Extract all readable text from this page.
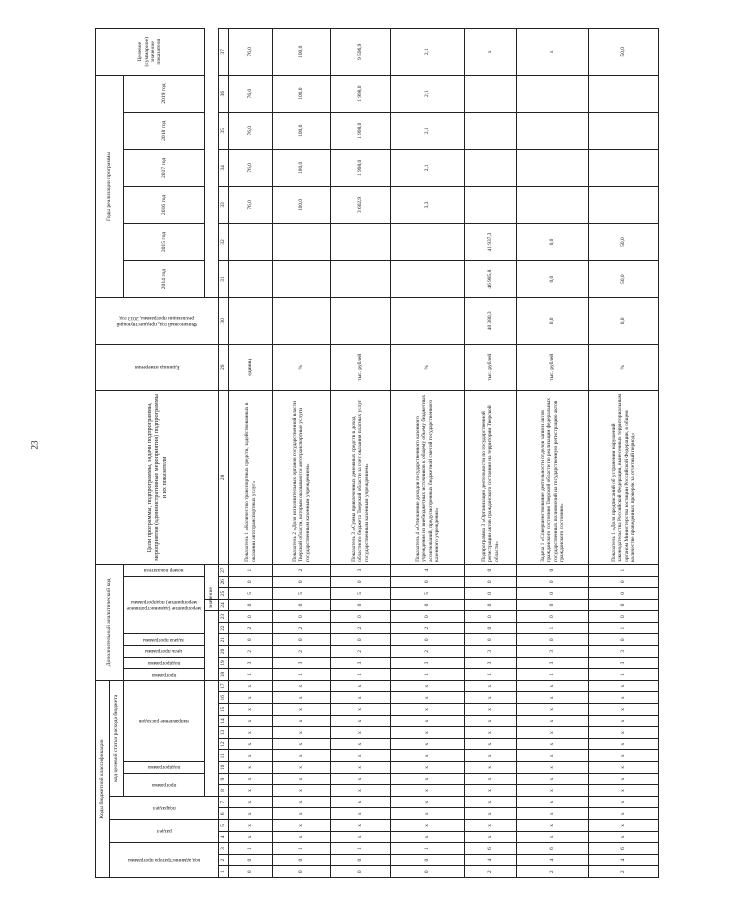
23
Коды бюджетной классификации																	Дополнительный аналитический код										Цели программы, подпрограммы, задачи подпрограммы, мероприятия (административные мероприятия) подпрограммы и их показатели	Единица измерения	Финансовый год, предшествующий реализации программы, 2013 год	Годы реализации программы						Целевое (суммарное) значение показателя

код администратора программы			раздел		подраздел		код целевой статьи расхода бюджета																													

							программа		подпрограмма	направление расходов							программа	подпрограмма	цель программы	задача программы	мероприятие (административное мероприятие) подпрограммы					номер показателя				2014 год	2015 год	2016 год	2017 год	2018 год	2019 год	
																							значение													
1	2	3	4	5	6	7	8	9	10	11	12	13	14	15	16	17	18	19	20	21	22	23	24	25	26	27	28	29	30	31	32	33	34	35	36	37
0	0	1	x	x	x	x	x	x	x	x	x	x	x	x	x	x	1	3	2	0	2	0	0	5	0	1	Показатель 1 «Количество транспортных средств, задействованных в оказании автотранспортных услуг»	единиц				76,0	76,0	76,0	76,0	76,0
0	0	1	x	x	x	x	x	x	x	x	x	x	x	x	x	x	1	3	2	0	2	0	0	5	0	2	Показатель 2 «Доля исполнительных органов государственной власти Тверской области, которым оказываются автотранспортные услуги государственным казенным учреждением»	%				100,0	100,0	100,0	100,0	100,0
0	0	1	x	x	x	x	x	x	x	x	x	x	x	x	x	x	1	3	2	0	2	0	0	5	0	3	Показатель 3 «Сумма привлеченных денежных средств в доход областного бюджета Тверской области за счет оказания платных услуг государственным казенным учреждением»	тыс. рублей				3 602,9	1 998,0	1 998,0	1 998,0	9 596,9
0	0	1	x	x	x	x	x	x	x	x	x	x	x	x	x	x	1	3	2	0	2	0	0	5	0	4	Показатель 4 «Отношение доходов государственного казенного учреждения из внебюджетных источников к общему объему бюджетных ассигнований, предусмотренных бюджетной сметой государственного казенного учреждения»	%				3,3	2,1	2,1	2,1	2,1
2	4	6	x	x	x	x	x	x	x	x	x	x	x	x	x	x	1	3	3	0	0	0	0	0	0	0	Подпрограмма 3 «Организация деятельности по государственной регистрации актов гражданского состояния на территории Тверской области»	тыс. рублей	48 380,3	46 985,8	41 937,3					x
2	4	6	x	x	x	x	x	x	x	x	x	x	x	x	x	x	1	3	3	0	1	0	0	0	0	0	Задача 1 «Совершенствование деятельности отделов записи актов гражданского состояния Тверской области по реализации федеральных государственных полномочий на государственную регистрацию актов гражданского состояния»	тыс. рублей	0,0	0,0	0,0					x
2	4	6	x	x	x	x	x	x	x	x	x	x	x	x	x	x	1	3	3	0	1	0	0	0	0	1	Показатель 1 «Доля предписаний об устранении нарушений законодательства Российской Федерации, вынесенных территориальным органом Министерства юстиции Российской Федерации, в общем количестве проведенных проверок за отчетный период»	%	0,0	50,0	50,0					50,0
